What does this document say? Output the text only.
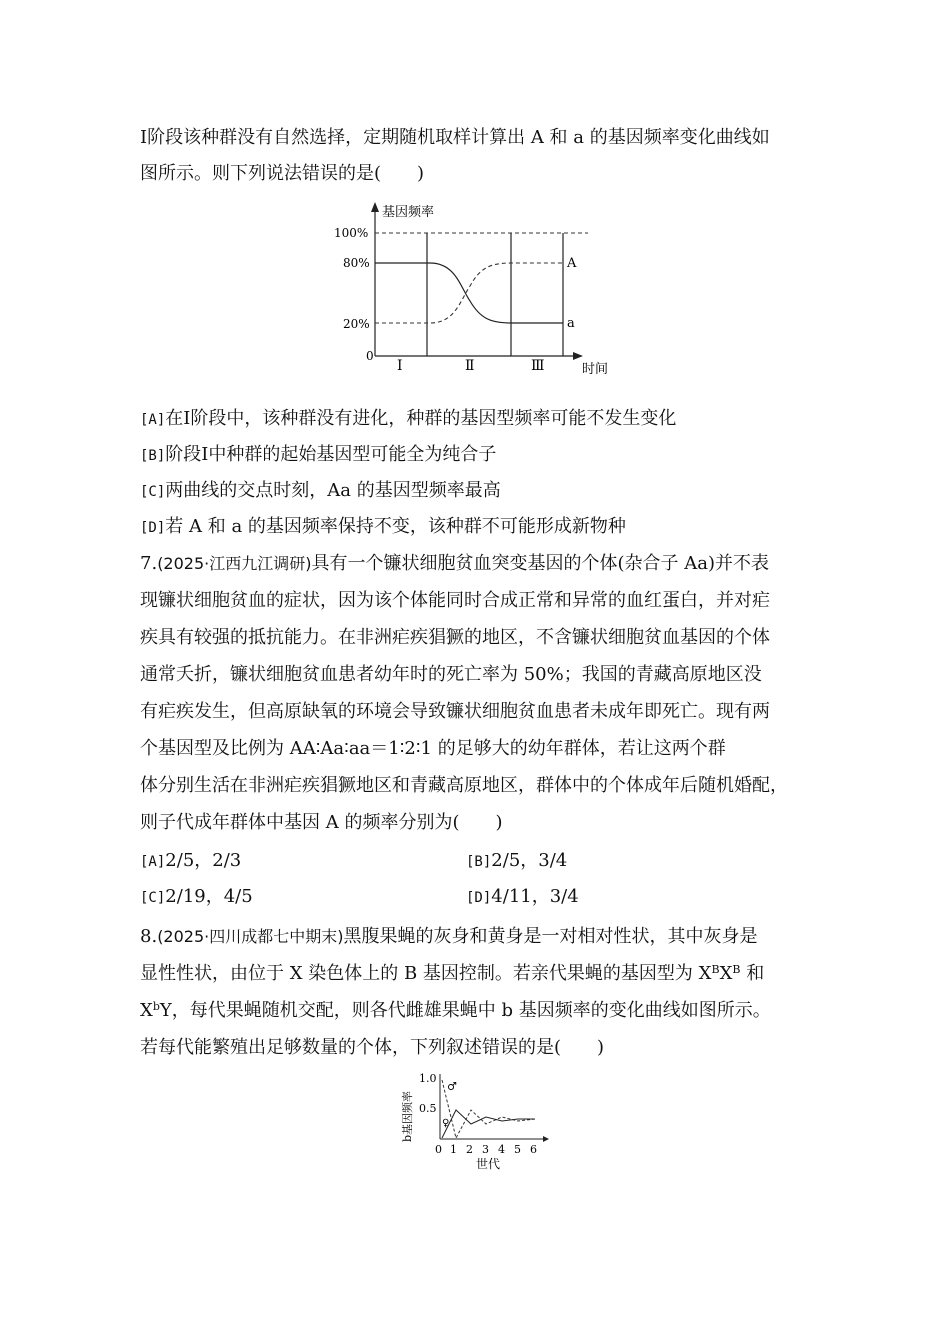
Ⅰ阶段该种群没有自然选择，定期随机取样计算出 A 和 a 的基因频率变化曲线如
图所示。则下列说法错误的是(　　)
基因频率
时间
100%
80%
20%
0
A
a
Ⅰ	Ⅱ	Ⅲ
[A]在Ⅰ阶段中，该种群没有进化，种群的基因型频率可能不发生变化
[B]阶段Ⅰ中种群的起始基因型可能全为纯合子
[C]两曲线的交点时刻，Aa 的基因型频率最高
[D]若 A 和 a 的基因频率保持不变，该种群不可能形成新物种
7.(2025·江西九江调研)具有一个镰状细胞贫血突变基因的个体(杂合子 Aa)并不表
现镰状细胞贫血的症状，因为该个体能同时合成正常和异常的血红蛋白，并对疟
疾具有较强的抵抗能力。在非洲疟疾猖獗的地区，不含镰状细胞贫血基因的个体
通常夭折，镰状细胞贫血患者幼年时的死亡率为 50%；我国的青藏高原地区没
有疟疾发生，但高原缺氧的环境会导致镰状细胞贫血患者未成年即死亡。现有两
个基因型及比例为 AA∶Aa∶aa＝1∶2∶1 的足够大的幼年群体，若让这两个群
体分别生活在非洲疟疾猖獗地区和青藏高原地区，群体中的个体成年后随机婚配，
则子代成年群体中基因 A 的频率分别为(　　)
[A]2/5，2/3	[B]2/5，3/4
[C]2/19，4/5	[D]4/11，3/4
8.(2025·四川成都七中期末)黑腹果蝇的灰身和黄身是一对相对性状，其中灰身是
显性性状，由位于 X 染色体上的 B 基因控制。若亲代果蝇的基因型为 $X^BX^B$ 和
$X^bY$，每代果蝇随机交配，则各代雌雄果蝇中 b 基因频率的变化曲线如图所示。
若每代能繁殖出足够数量的个体，下列叙述错误的是(　　)
b基因频率
1.0
0.5
0 1 2 3 4 5 6
世代
♂
♀
